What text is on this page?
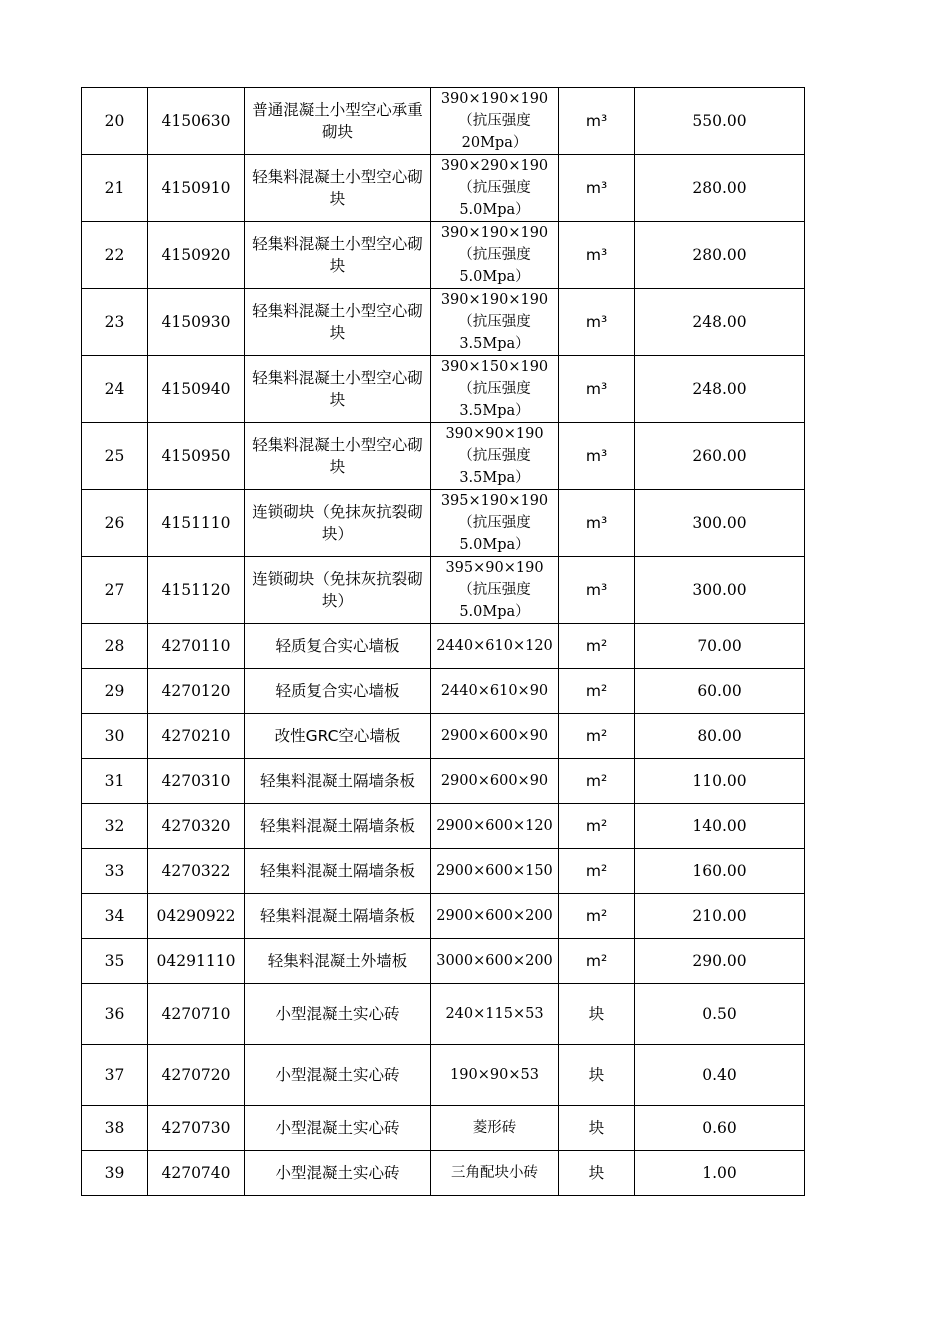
20	4150630	普通混凝土小型空心承重砌块	390×190×190（抗压强度20Mpa）	m³	550.00
21	4150910	轻集料混凝土小型空心砌块	390×290×190（抗压强度5.0Mpa）	m³	280.00
22	4150920	轻集料混凝土小型空心砌块	390×190×190（抗压强度5.0Mpa）	m³	280.00
23	4150930	轻集料混凝土小型空心砌块	390×190×190（抗压强度3.5Mpa）	m³	248.00
24	4150940	轻集料混凝土小型空心砌块	390×150×190（抗压强度3.5Mpa）	m³	248.00
25	4150950	轻集料混凝土小型空心砌块	390×90×190（抗压强度3.5Mpa）	m³	260.00
26	4151110	连锁砌块（免抹灰抗裂砌块）	395×190×190（抗压强度5.0Mpa）	m³	300.00
27	4151120	连锁砌块（免抹灰抗裂砌块）	395×90×190（抗压强度5.0Mpa）	m³	300.00
28	4270110	轻质复合实心墙板	2440×610×120	m²	70.00
29	4270120	轻质复合实心墙板	2440×610×90	m²	60.00
30	4270210	改性GRC空心墙板	2900×600×90	m²	80.00
31	4270310	轻集料混凝土隔墙条板	2900×600×90	m²	110.00
32	4270320	轻集料混凝土隔墙条板	2900×600×120	m²	140.00
33	4270322	轻集料混凝土隔墙条板	2900×600×150	m²	160.00
34	04290922	轻集料混凝土隔墙条板	2900×600×200	m²	210.00
35	04291110	轻集料混凝土外墙板	3000×600×200	m²	290.00
36	4270710	小型混凝土实心砖	240×115×53	块	0.50
37	4270720	小型混凝土实心砖	190×90×53	块	0.40
38	4270730	小型混凝土实心砖	菱形砖	块	0.60
39	4270740	小型混凝土实心砖	三角配块小砖	块	1.00
